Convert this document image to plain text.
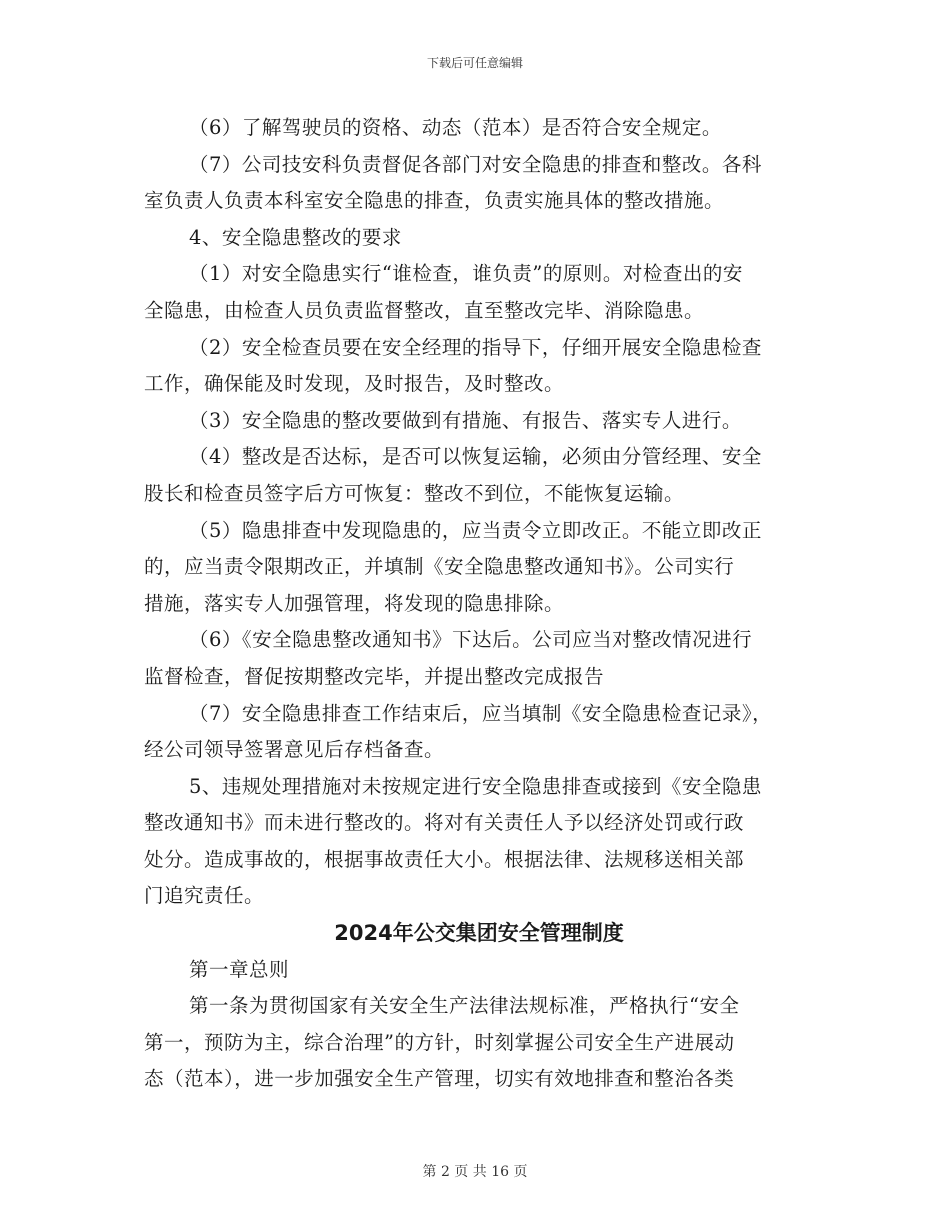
下载后可任意编辑
（6）了解驾驶员的资格、动态（范本）是否符合安全规定。
（7）公司技安科负责督促各部门对安全隐患的排查和整改。各科
室负责人负责本科室安全隐患的排查，负责实施具体的整改措施。
4、安全隐患整改的要求
（1）对安全隐患实行“谁检查，谁负责”的原则。对检查出的安
全隐患，由检查人员负责监督整改，直至整改完毕、消除隐患。
（2）安全检查员要在安全经理的指导下，仔细开展安全隐患检查
工作，确保能及时发现，及时报告，及时整改。
（3）安全隐患的整改要做到有措施、有报告、落实专人进行。
（4）整改是否达标，是否可以恢复运输，必须由分管经理、安全
股长和检查员签字后方可恢复：整改不到位，不能恢复运输。
（5）隐患排查中发现隐患的，应当责令立即改正。不能立即改正
的，应当责令限期改正，并填制《安全隐患整改通知书》。公司实行
措施，落实专人加强管理，将发现的隐患排除。
（6）《安全隐患整改通知书》下达后。公司应当对整改情况进行
监督检查，督促按期整改完毕，并提出整改完成报告
（7）安全隐患排查工作结束后，应当填制《安全隐患检查记录》，
经公司领导签署意见后存档备查。
5、违规处理措施对未按规定进行安全隐患排查或接到《安全隐患
整改通知书》而未进行整改的。将对有关责任人予以经济处罚或行政
处分。造成事故的，根据事故责任大小。根据法律、法规移送相关部
门追究责任。
2024年公交集团安全管理制度
第一章总则
第一条为贯彻国家有关安全生产法律法规标准，严格执行“安全
第一，预防为主，综合治理”的方针，时刻掌握公司安全生产进展动
态（范本），进一步加强安全生产管理，切实有效地排查和整治各类
第 2 页 共 16 页
